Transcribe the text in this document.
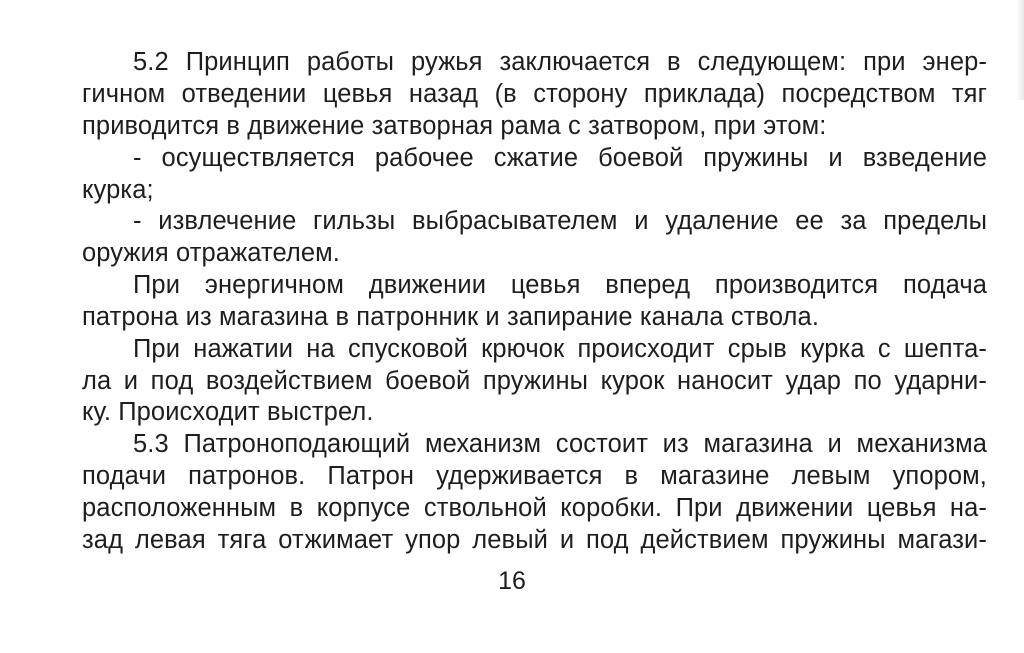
5.2 Принцип работы ружья заключается в следующем: при энер-
гичном отведении цевья назад (в сторону приклада) посредством тяг
приводится в движение затворная рама с затвором, при этом:
- осуществляется рабочее сжатие боевой пружины и взведение
курка;
- извлечение гильзы выбрасывателем и удаление ее за пределы
оружия отражателем.
При энергичном движении цевья вперед производится подача
патрона из магазина в патронник и запирание канала ствола.
При нажатии на спусковой крючок происходит срыв курка с шепта-
ла и под воздействием боевой пружины курок наносит удар по ударни-
ку. Происходит выстрел.
5.3 Патроноподающий механизм состоит из магазина и механизма
подачи патронов. Патрон удерживается в магазине левым упором,
расположенным в корпусе ствольной коробки. При движении цевья на-
зад левая тяга отжимает упор левый и под действием пружины магази-
16
